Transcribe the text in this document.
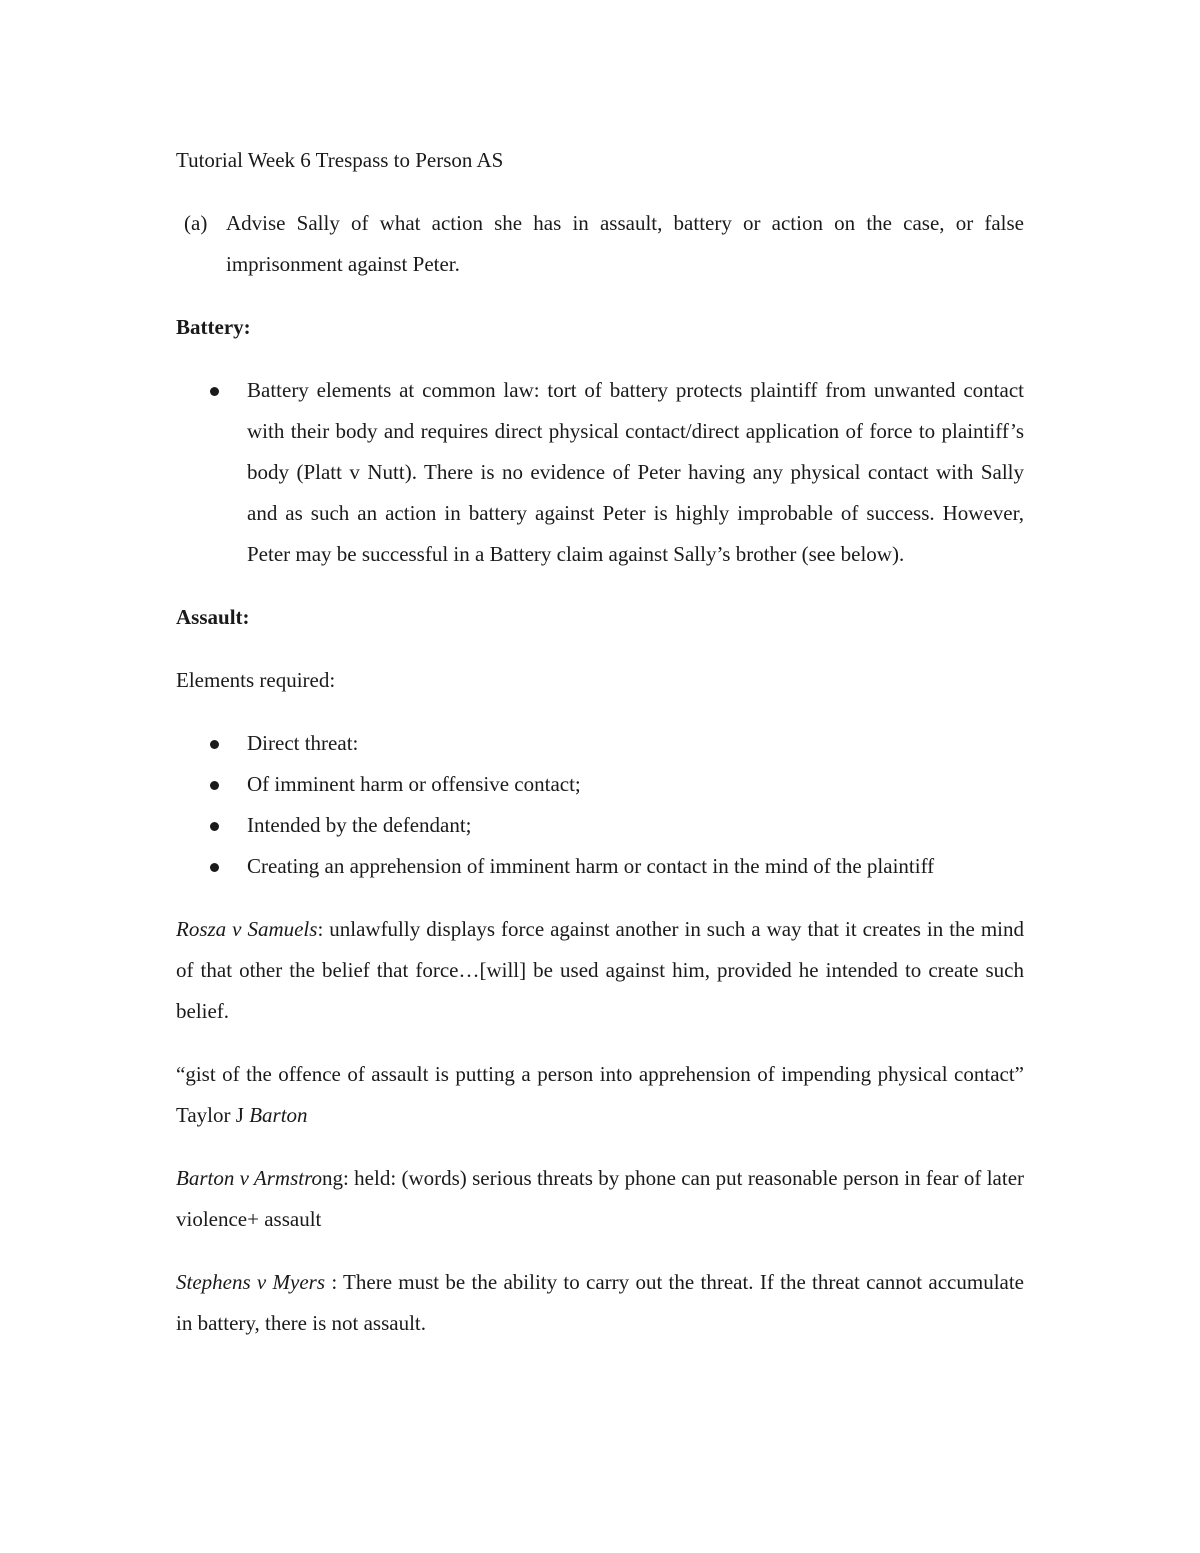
Tutorial Week 6 Trespass to Person AS

(a) Advise Sally of what action she has in assault, battery or action on the case, or false imprisonment against Peter.

Battery:

Battery elements at common law: tort of battery protects plaintiff from unwanted contact with their body and requires direct physical contact/direct application of force to plaintiff’s body (Platt v Nutt). There is no evidence of Peter having any physical contact with Sally and as such an action in battery against Peter is highly improbable of success. However, Peter may be successful in a Battery claim against Sally’s brother (see below).

Assault:

Elements required:

Direct threat:
Of imminent harm or offensive contact;
Intended by the defendant;
Creating an apprehension of imminent harm or contact in the mind of the plaintiff

Rosza v Samuels: unlawfully displays force against another in such a way that it creates in the mind of that other the belief that force…[will] be used against him, provided he intended to create such belief.

“gist of the offence of assault is putting a person into apprehension of impending physical contact” Taylor J Barton

Barton v Armstrong: held: (words) serious threats by phone can put reasonable person in fear of later violence+ assault

Stephens v Myers : There must be the ability to carry out the threat. If the threat cannot accumulate in battery, there is not assault.
